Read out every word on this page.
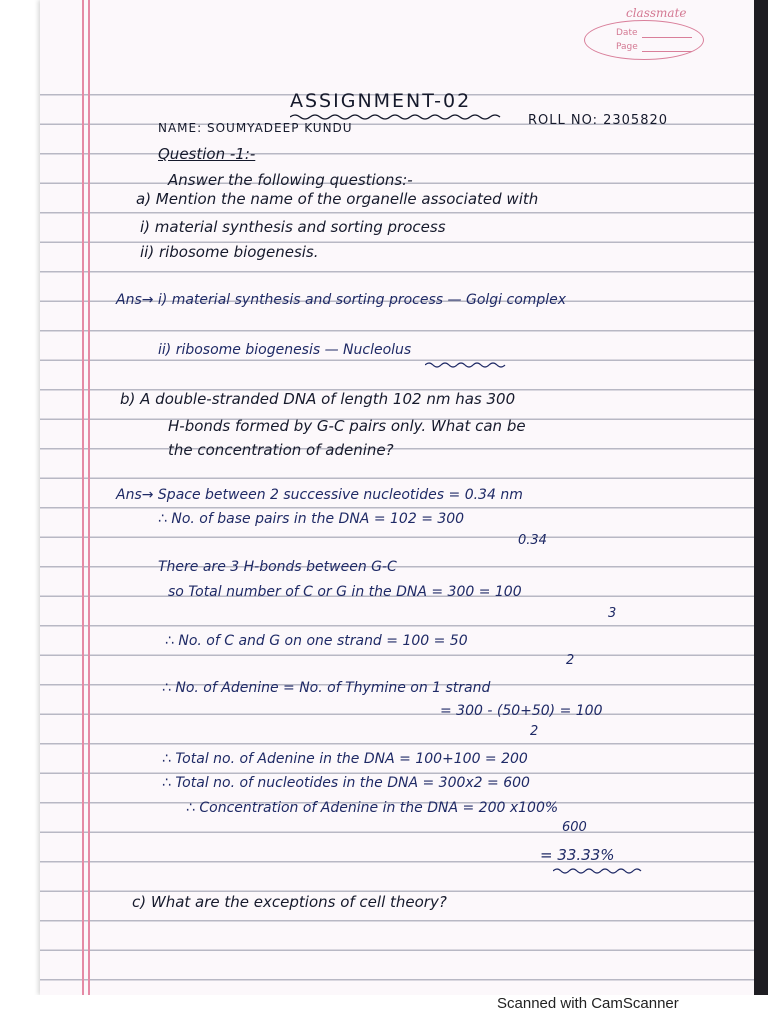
classmate
Date
Page
ASSIGNMENT-02
NAME: SOUMYADEEP KUNDU	ROLL NO: 2305820
Question -1:-
Answer the following questions:-
a) Mention the name of the organelle associated with
i) material synthesis and sorting process
ii) ribosome biogenesis.
Ans→ i) material synthesis and sorting process — Golgi complex
ii) ribosome biogenesis — Nucleolus
b) A double-stranded DNA of length 102 nm has 300
H-bonds formed by G-C pairs only. What can be
the concentration of adenine?
Ans→ Space between 2 successive nucleotides = 0.34 nm
∴ No. of base pairs in the DNA = 102 = 300
0.34
There are 3 H-bonds between G-C
so Total number of C or G in the DNA = 300 = 100
3
∴ No. of C and G on one strand = 100 = 50
2
∴ No. of Adenine = No. of Thymine on 1 strand
= 300 - (50+50) = 100
2
∴ Total no. of Adenine in the DNA = 100+100 = 200
∴ Total no. of nucleotides in the DNA = 300x2 = 600
∴ Concentration of Adenine in the DNA = 200 x100%
600
= 33.33%
c) What are the exceptions of cell theory?
Scanned with CamScanner
